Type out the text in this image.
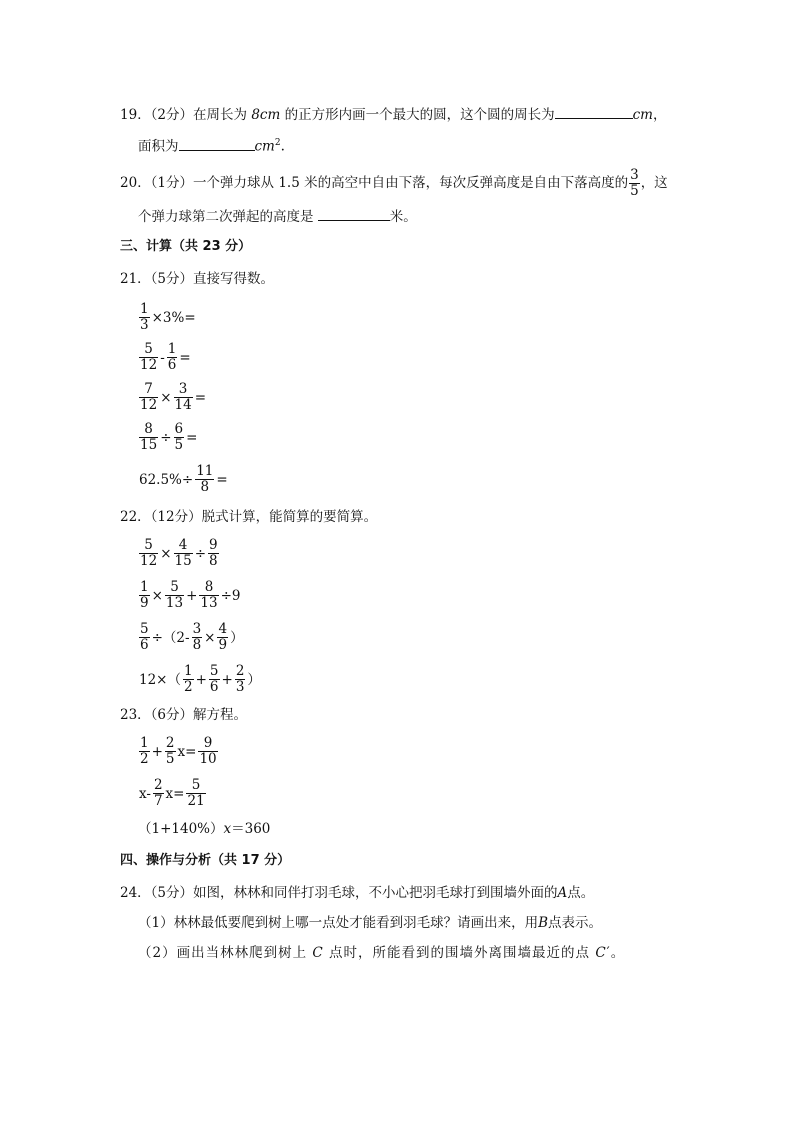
19．（2分）在周长为 8cm 的正方形内画一个最大的圆，这个圆的周长为	cm，
面积为	$cm^2$.
20．（1分）一个弹力球从 1.5 米的高空中自由下落，每次反弹高度是自由下落高度的 $\frac{3}{5}$ ，这
个弹力球第二次弹起的高度是	米。
三、计算（共 23 分）
21．（5分）直接写得数。
$\frac{1}{3} \times 3\%=$
$\frac{5}{12} - \frac{1}{6}$ =
$\frac{7}{12} \times \frac{3}{14}$ =
$\frac{8}{15} \div \frac{6}{5}$ =
$62.5\%\div \frac{11}{8}$ =
22．（12分）脱式计算，能简算的要简算。
$\frac{5}{12} \times \frac{4}{15} \div \frac{9}{8}$
$\frac{1}{9} \times \frac{5}{13} + \frac{8}{13} \div 9$
$\frac{5}{6} \div(2- \frac{3}{8} \times \frac{4}{9}$ ）
$12\times( \frac{1}{2} + \frac{5}{6} + \frac{2}{3}$ ）
23．（6分）解方程。
$\frac{1}{2} + \frac{2}{5} x= \frac{9}{10}$
$x- \frac{2}{7} x= \frac{5}{21}$
（1+140%）x＝360
四、操作与分析（共 17 分）
24．（5分）如图，林林和同伴打羽毛球，不小心把羽毛球打到围墙外面的A点。
（1）林林最低要爬到树上哪一点处才能看到羽毛球？请画出来，用B点表示。
（2）画出当林林爬到树上 C 点时，所能看到的围墙外离围墙最近的点 C′。
